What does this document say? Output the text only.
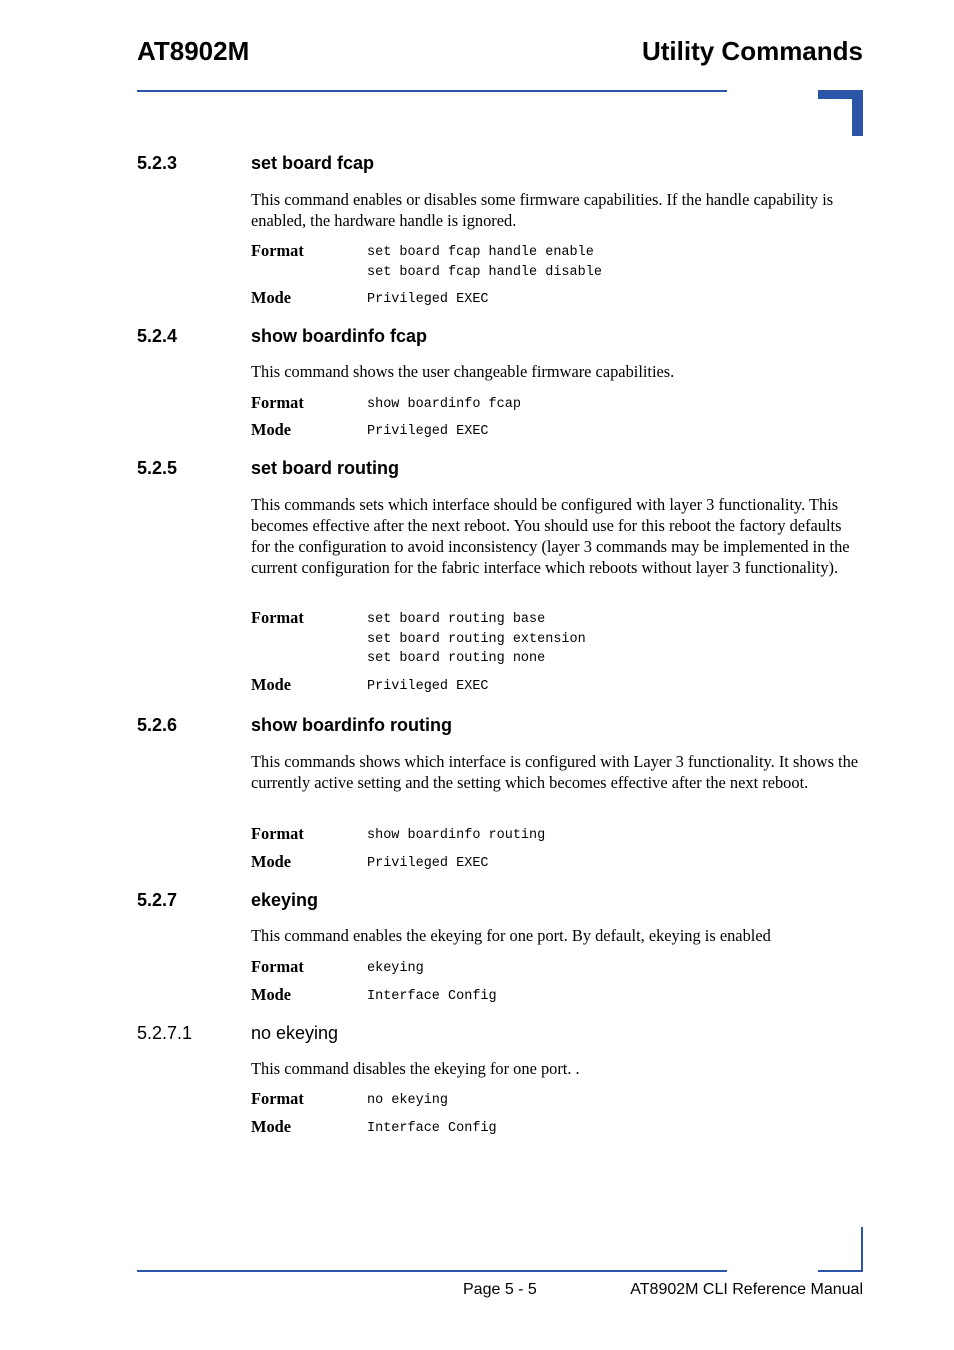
AT8902M	Utility Commands
5.2.3	set board fcap
This command enables or disables some firmware capabilities. If the handle capability is enabled, the hardware handle is ignored.
Format	set board fcap handle enable
set board fcap handle disable
Mode	Privileged EXEC
5.2.4	show boardinfo fcap
This command shows the user changeable firmware capabilities.
Format	show boardinfo fcap
Mode	Privileged EXEC
5.2.5	set board routing
This commands sets which interface should be configured with layer 3 functionality. This becomes effective after the next reboot. You should use for this reboot the factory defaults for the configuration to avoid inconsistency (layer 3 commands may be implemented in the current configuration for the fabric interface which reboots without layer 3 functionality).
Format	set board routing base
set board routing extension
set board routing none
Mode	Privileged EXEC
5.2.6	show boardinfo routing
This commands shows which interface is configured with Layer 3 functionality. It shows the currently active setting and the setting which becomes effective after the next reboot.
Format	show boardinfo routing
Mode	Privileged EXEC
5.2.7	ekeying
This command enables the ekeying for one port. By default, ekeying is enabled
Format	ekeying
Mode	Interface Config
5.2.7.1	no ekeying
This command disables the ekeying for one port. .
Format	no ekeying
Mode	Interface Config
Page 5 - 5	AT8902M CLI Reference Manual
